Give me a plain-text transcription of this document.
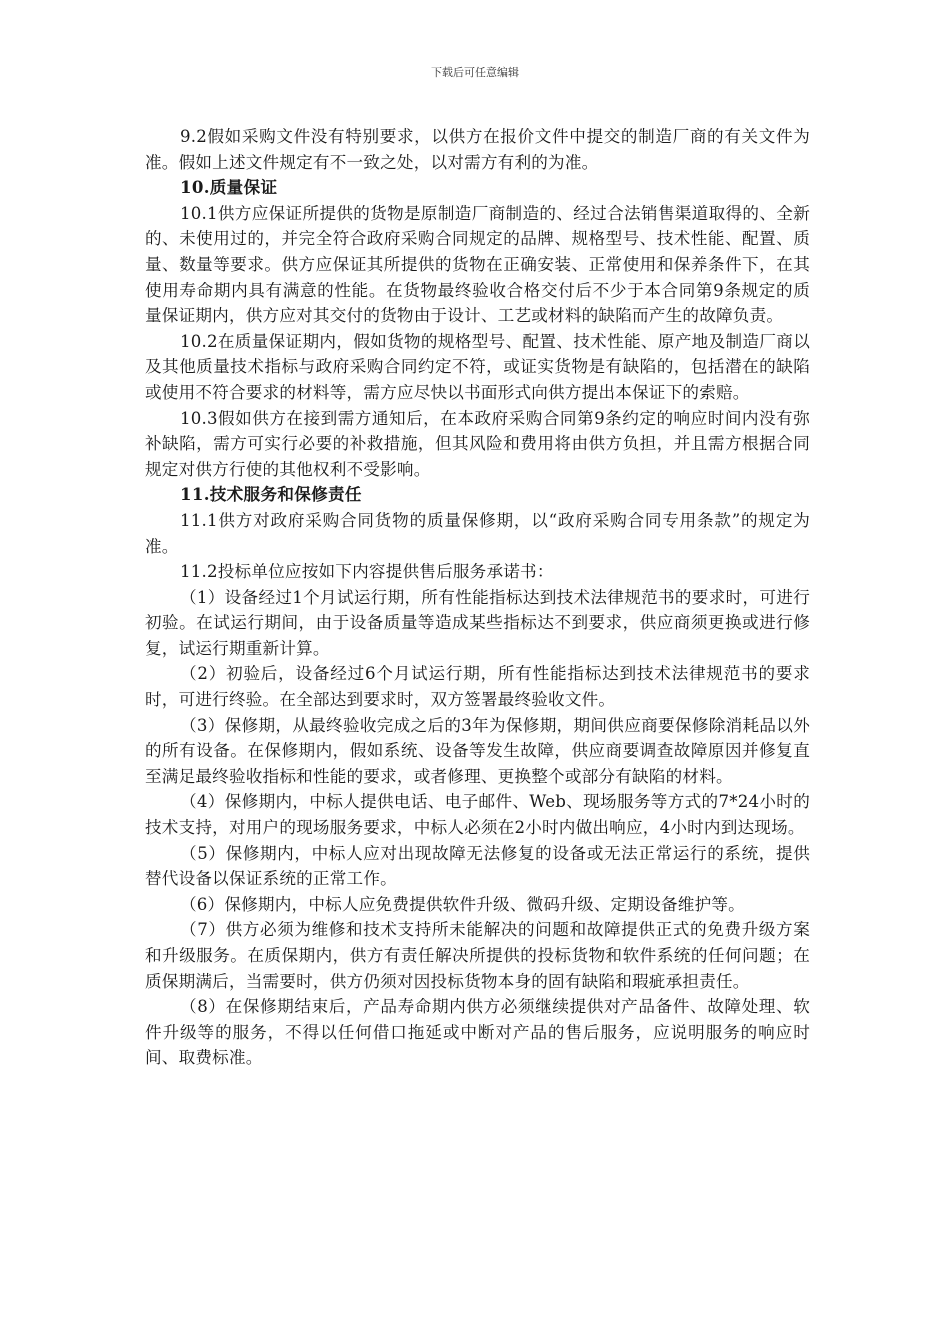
下载后可任意编辑

9.2假如采购文件没有特别要求，以供方在报价文件中提交的制造厂商的有关文件为准。假如上述文件规定有不一致之处，以对需方有利的为准。

10.质量保证

10.1供方应保证所提供的货物是原制造厂商制造的、经过合法销售渠道取得的、全新的、未使用过的，并完全符合政府采购合同规定的品牌、规格型号、技术性能、配置、质量、数量等要求。供方应保证其所提供的货物在正确安装、正常使用和保养条件下，在其使用寿命期内具有满意的性能。在货物最终验收合格交付后不少于本合同第9条规定的质量保证期内，供方应对其交付的货物由于设计、工艺或材料的缺陷而产生的故障负责。

10.2在质量保证期内，假如货物的规格型号、配置、技术性能、原产地及制造厂商以及其他质量技术指标与政府采购合同约定不符，或证实货物是有缺陷的，包括潜在的缺陷或使用不符合要求的材料等，需方应尽快以书面形式向供方提出本保证下的索赔。

10.3假如供方在接到需方通知后，在本政府采购合同第9条约定的响应时间内没有弥补缺陷，需方可实行必要的补救措施，但其风险和费用将由供方负担，并且需方根据合同规定对供方行使的其他权利不受影响。

11.技术服务和保修责任

11.1供方对政府采购合同货物的质量保修期，以“政府采购合同专用条款”的规定为准。

11.2投标单位应按如下内容提供售后服务承诺书：

（1）设备经过1个月试运行期，所有性能指标达到技术法律规范书的要求时，可进行初验。在试运行期间，由于设备质量等造成某些指标达不到要求，供应商须更换或进行修复，试运行期重新计算。

（2）初验后，设备经过6个月试运行期，所有性能指标达到技术法律规范书的要求时，可进行终验。在全部达到要求时，双方签署最终验收文件。

（3）保修期，从最终验收完成之后的3年为保修期，期间供应商要保修除消耗品以外的所有设备。在保修期内，假如系统、设备等发生故障，供应商要调查故障原因并修复直至满足最终验收指标和性能的要求，或者修理、更换整个或部分有缺陷的材料。

（4）保修期内，中标人提供电话、电子邮件、Web、现场服务等方式的7*24小时的技术支持，对用户的现场服务要求，中标人必须在2小时内做出响应，4小时内到达现场。

（5）保修期内，中标人应对出现故障无法修复的设备或无法正常运行的系统，提供替代设备以保证系统的正常工作。

（6）保修期内，中标人应免费提供软件升级、微码升级、定期设备维护等。

（7）供方必须为维修和技术支持所未能解决的问题和故障提供正式的免费升级方案和升级服务。在质保期内，供方有责任解决所提供的投标货物和软件系统的任何问题；在质保期满后，当需要时，供方仍须对因投标货物本身的固有缺陷和瑕疵承担责任。

（8）在保修期结束后，产品寿命期内供方必须继续提供对产品备件、故障处理、软件升级等的服务，不得以任何借口拖延或中断对产品的售后服务，应说明服务的响应时间、取费标准。
